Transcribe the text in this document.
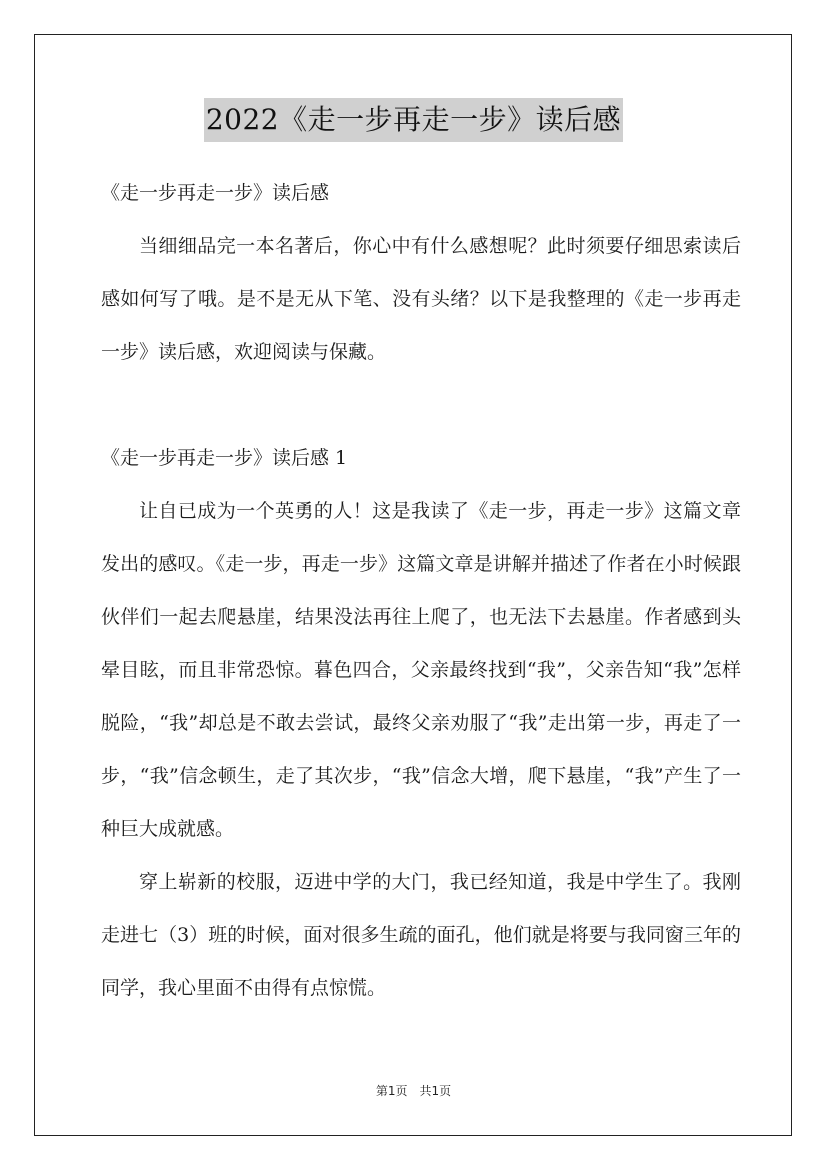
2022《走一步再走一步》读后感

《走一步再走一步》读后感

当细细品完一本名著后，你心中有什么感想呢？此时须要仔细思索读后感如何写了哦。是不是无从下笔、没有头绪？以下是我整理的《走一步再走一步》读后感，欢迎阅读与保藏。

《走一步再走一步》读后感 1

让自已成为一个英勇的人！这是我读了《走一步，再走一步》这篇文章发出的感叹。《走一步，再走一步》这篇文章是讲解并描述了作者在小时候跟伙伴们一起去爬悬崖，结果没法再往上爬了，也无法下去悬崖。作者感到头晕目眩，而且非常恐惊。暮色四合，父亲最终找到“我”，父亲告知“我”怎样脱险，“我”却总是不敢去尝试，最终父亲劝服了“我”走出第一步，再走了一步，“我”信念顿生，走了其次步，“我”信念大增，爬下悬崖，“我”产生了一种巨大成就感。

穿上崭新的校服，迈进中学的大门，我已经知道，我是中学生了。我刚走进七（3）班的时候，面对很多生疏的面孔，他们就是将要与我同窗三年的同学，我心里面不由得有点惊慌。

第1页　共1页
